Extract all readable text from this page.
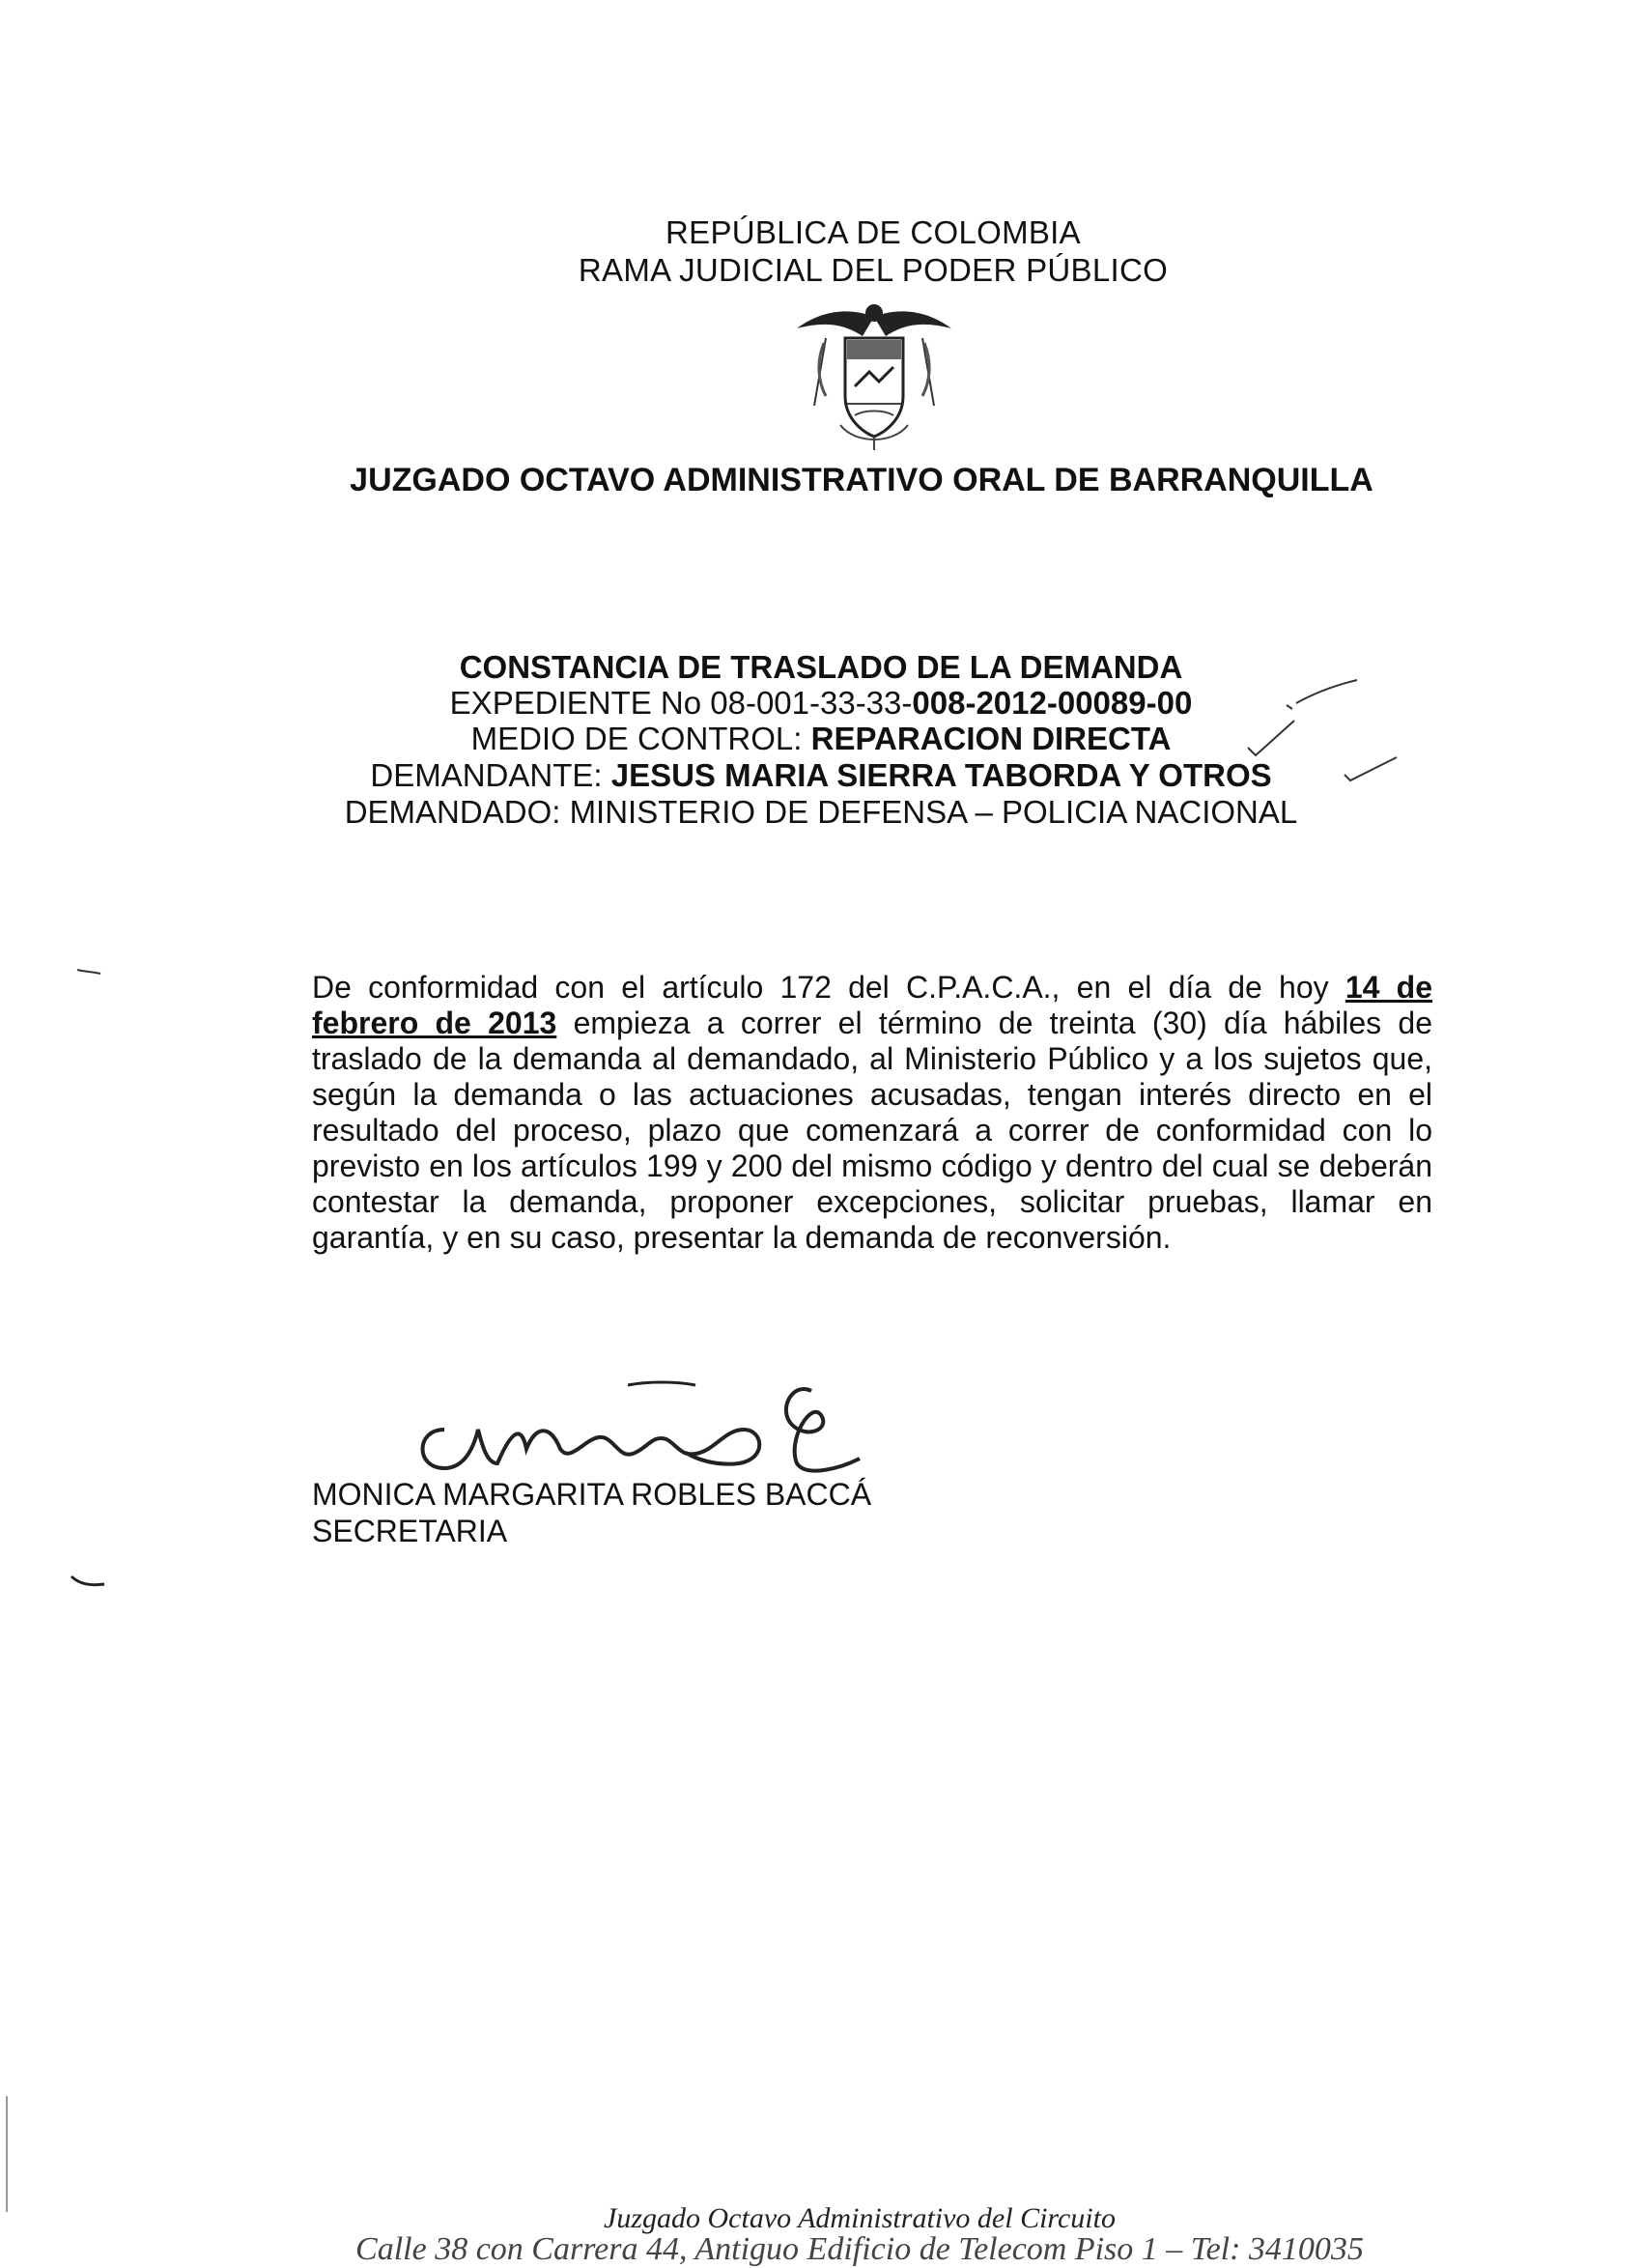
REPÚBLICA DE COLOMBIA
RAMA JUDICIAL DEL PODER PÚBLICO
JUZGADO OCTAVO ADMINISTRATIVO ORAL DE BARRANQUILLA
CONSTANCIA DE TRASLADO DE LA DEMANDA
EXPEDIENTE No 08-001-33-33-008-2012-00089-00
MEDIO DE CONTROL: REPARACION DIRECTA
DEMANDANTE: JESUS MARIA SIERRA TABORDA Y OTROS
DEMANDADO: MINISTERIO DE DEFENSA – POLICIA NACIONAL
De conformidad con el artículo 172 del C.P.A.C.A., en el día de hoy 14 de febrero de 2013 empieza a correr el término de treinta (30) día hábiles de traslado de la demanda al demandado, al Ministerio Público y a los sujetos que, según la demanda o las actuaciones acusadas, tengan interés directo en el resultado del proceso, plazo que comenzará a correr de conformidad con lo previsto en los artículos 199 y 200 del mismo código y dentro del cual se deberán contestar la demanda, proponer excepciones, solicitar pruebas, llamar en garantía, y en su caso, presentar la demanda de reconversión.
MONICA MARGARITA ROBLES BACCÁ
SECRETARIA
Juzgado Octavo Administrativo del Circuito
Calle 38 con Carrera 44, Antiguo Edificio de Telecom Piso 1 – Tel: 3410035
